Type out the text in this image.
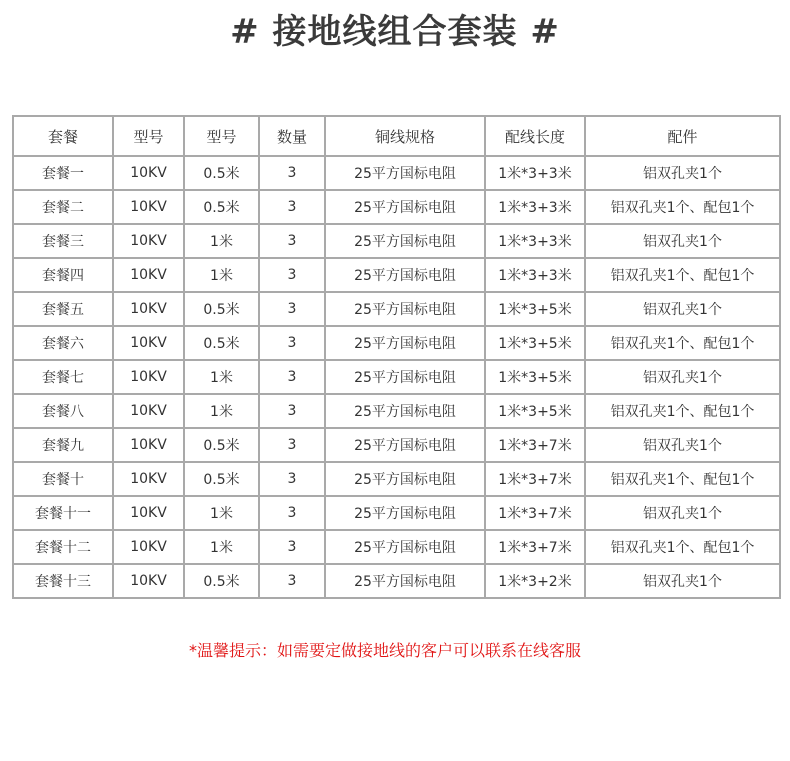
# 接地线组合套装 #
套餐	型号	型号	数量	铜线规格	配线长度	配件
套餐一	10KV	0.5米	3	25平方国标电阻	1米*3+3米	铝双孔夹1个
套餐二	10KV	0.5米	3	25平方国标电阻	1米*3+3米	铝双孔夹1个、配包1个
套餐三	10KV	1米	3	25平方国标电阻	1米*3+3米	铝双孔夹1个
套餐四	10KV	1米	3	25平方国标电阻	1米*3+3米	铝双孔夹1个、配包1个
套餐五	10KV	0.5米	3	25平方国标电阻	1米*3+5米	铝双孔夹1个
套餐六	10KV	0.5米	3	25平方国标电阻	1米*3+5米	铝双孔夹1个、配包1个
套餐七	10KV	1米	3	25平方国标电阻	1米*3+5米	铝双孔夹1个
套餐八	10KV	1米	3	25平方国标电阻	1米*3+5米	铝双孔夹1个、配包1个
套餐九	10KV	0.5米	3	25平方国标电阻	1米*3+7米	铝双孔夹1个
套餐十	10KV	0.5米	3	25平方国标电阻	1米*3+7米	铝双孔夹1个、配包1个
套餐十一	10KV	1米	3	25平方国标电阻	1米*3+7米	铝双孔夹1个
套餐十二	10KV	1米	3	25平方国标电阻	1米*3+7米	铝双孔夹1个、配包1个
套餐十三	10KV	0.5米	3	25平方国标电阻	1米*3+2米	铝双孔夹1个
*温馨提示：如需要定做接地线的客户可以联系在线客服
